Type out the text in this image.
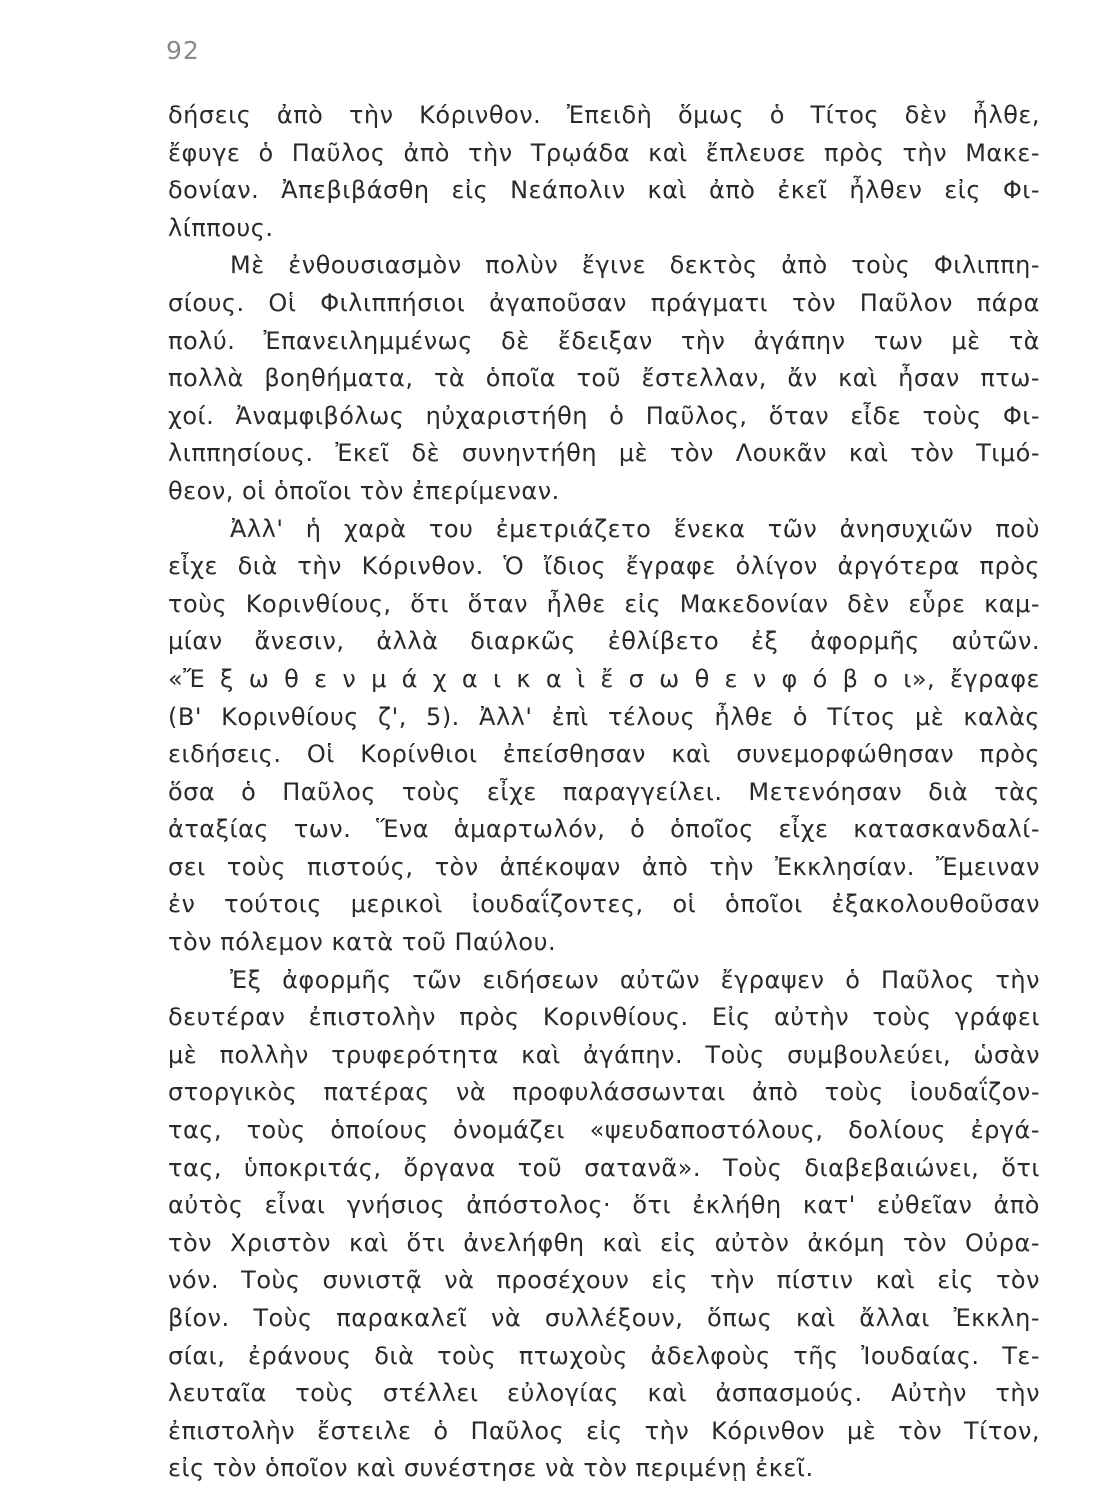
92
δήσεις ἀπὸ τὴν Κόρινθον. Ἐπειδὴ ὅμως ὁ Τίτος δὲν ἦλθε,
ἔφυγε ὁ Παῦλος ἀπὸ τὴν Τρῳάδα καὶ ἔπλευσε πρὸς τὴν Μακε-
δονίαν. Ἀπεβιβάσθη εἰς Νεάπολιν καὶ ἀπὸ ἐκεῖ ἦλθεν εἰς Φι-
λίππους.
Μὲ ἐνθουσιασμὸν πολὺν ἔγινε δεκτὸς ἀπὸ τοὺς Φιλιππη-
σίους. Οἱ Φιλιππήσιοι ἀγαποῦσαν πράγματι τὸν Παῦλον πάρα
πολύ. Ἐπανειλημμένως δὲ ἔδειξαν τὴν ἀγάπην των μὲ τὰ
πολλὰ βοηθήματα, τὰ ὁποῖα τοῦ ἔστελλαν, ἄν καὶ ἦσαν πτω-
χοί. Ἀναμφιβόλως ηὐχαριστήθη ὁ Παῦλος, ὅταν εἶδε τοὺς Φι-
λιππησίους. Ἐκεῖ δὲ συνηντήθη μὲ τὸν Λουκᾶν καὶ τὸν Τιμό-
θεον, οἱ ὁποῖοι τὸν ἐπερίμεναν.
Ἀλλ' ἡ χαρὰ του ἐμετριάζετο ἕνεκα τῶν ἀνησυχιῶν ποὺ
εἶχε διὰ τὴν Κόρινθον. Ὁ ἴδιος ἔγραφε ὀλίγον ἀργότερα πρὸς
τοὺς Κορινθίους, ὅτι ὅταν ἦλθε εἰς Μακεδονίαν δὲν εὗρε καμ-
μίαν ἄνεσιν, ἀλλὰ διαρκῶς ἐθλίβετο ἐξ ἀφορμῆς αὐτῶν.
«Ἔ ξ ω θ ε ν μ ά χ α ι κ α ὶ ἔ σ ω θ ε ν φ ό β ο ι», ἔγραφε
(Β' Κορινθίους ζ', 5). Ἀλλ' ἐπὶ τέλους ἦλθε ὁ Τίτος μὲ καλὰς
ειδήσεις. Οἱ Κορίνθιοι ἐπείσθησαν καὶ συνεμορφώθησαν πρὸς
ὅσα ὁ Παῦλος τοὺς εἶχε παραγγείλει. Μετενόησαν διὰ τὰς
ἀταξίας των. Ἕνα ἁμαρτωλόν, ὁ ὁποῖος εἶχε κατασκανδαλί-
σει τοὺς πιστούς, τὸν ἀπέκοψαν ἀπὸ τὴν Ἐκκλησίαν. Ἔμειναν
ἐν τούτοις μερικοὶ ἰουδαΐζοντες, οἱ ὁποῖοι ἐξακολουθοῦσαν
τὸν πόλεμον κατὰ τοῦ Παύλου.
Ἐξ ἀφορμῆς τῶν ειδήσεων αὐτῶν ἔγραψεν ὁ Παῦλος τὴν
δευτέραν ἐπιστολὴν πρὸς Κορινθίους. Εἰς αὐτὴν τοὺς γράφει
μὲ πολλὴν τρυφερότητα καὶ ἀγάπην. Τοὺς συμβουλεύει, ὡσὰν
στοργικὸς πατέρας νὰ προφυλάσσωνται ἀπὸ τοὺς ἰουδαΐζον-
τας, τοὺς ὁποίους ὀνομάζει «ψευδαποστόλους, δολίους ἐργά-
τας, ὑποκριτάς, ὄργανα τοῦ σατανᾶ». Τοὺς διαβεβαιώνει, ὅτι
αὐτὸς εἶναι γνήσιος ἀπόστολος· ὅτι ἐκλήθη κατ' εὐθεῖαν ἀπὸ
τὸν Χριστὸν καὶ ὅτι ἀνελήφθη καὶ εἰς αὐτὸν ἀκόμη τὸν Οὐρα-
νόν. Τοὺς συνιστᾷ νὰ προσέχουν εἰς τὴν πίστιν καὶ εἰς τὸν
βίον. Τοὺς παρακαλεῖ νὰ συλλέξουν, ὅπως καὶ ἄλλαι Ἐκκλη-
σίαι, ἐράνους διὰ τοὺς πτωχοὺς ἀδελφοὺς τῆς Ἰουδαίας. Τε-
λευταῖα τοὺς στέλλει εὐλογίας καὶ ἀσπασμούς. Αὐτὴν τὴν
ἐπιστολὴν ἔστειλε ὁ Παῦλος εἰς τὴν Κόρινθον μὲ τὸν Τίτον,
εἰς τὸν ὁποῖον καὶ συνέστησε νὰ τὸν περιμένῃ ἐκεῖ.
